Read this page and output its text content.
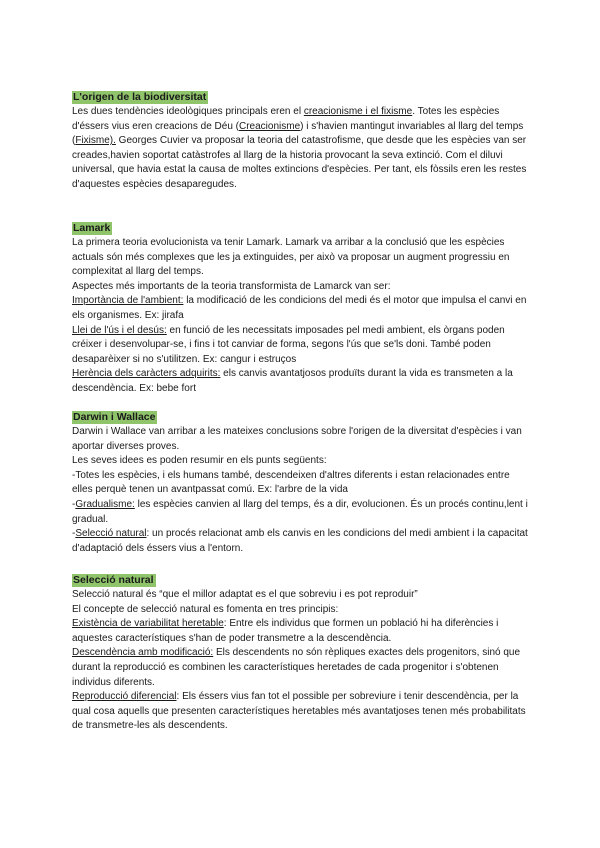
L'origen de la biodiversitat

Les dues tendències ideològiques principals eren el creacionisme i el fixisme. Totes les espècies d'éssers vius eren creacions de Déu (Creacionisme) i s'havien mantingut invariables al llarg del temps (Fixisme). Georges Cuvier va proposar la teoria del catastrofisme, que desde que les espècies van ser creades,havien soportat catàstrofes al llarg de la historia provocant la seva extinció. Com el diluvi universal, que havia estat la causa de moltes extincions d'espècies. Per tant, els fòssils eren les restes d'aquestes espècies desaparegudes.

Lamark

La primera teoria evolucionista va tenir Lamark. Lamark va arribar a la conclusió que les espècies actuals són més complexes que les ja extinguides, per això va proposar un augment progressiu en complexitat al llarg del temps.

Aspectes més importants de la teoria transformista de Lamarck van ser:

Importància de l'ambient: la modificació de les condicions del medi és el motor que impulsa el canvi en els organismes. Ex: jirafa

Llei de l'ús i el desús: en funció de les necessitats imposades pel medi ambient, els òrgans poden créixer i desenvolupar-se, i fins i tot canviar de forma, segons l'ús que se'ls doni. També poden desaparèixer si no s'utilitzen. Ex: cangur i estruços

Herència dels caràcters adquirits: els canvis avantatjosos produïts durant la vida es transmeten a la descendència. Ex: bebe fort

Darwin i Wallace

Darwin i Wallace van arribar a les mateixes conclusions sobre l'origen de la diversitat d'espècies i van aportar diverses proves.

Les seves idees es poden resumir en els punts següents:

-Totes les espècies, i els humans també, descendeixen d'altres diferents i estan relacionades entre elles perquè tenen un avantpassat comú. Ex: l'arbre de la vida

-Gradualisme: les espècies canvien al llarg del temps, és a dir, evolucionen. És un procés continu,lent i gradual.

-Selecció natural: un procés relacionat amb els canvis en les condicions del medi ambient i la capacitat d'adaptació dels éssers vius a l'entorn.

Selecció natural

Selecció natural és “que el millor adaptat es el que sobreviu i es pot reproduir”

El concepte de selecció natural es fomenta en tres principis:

Existència de variabilitat heretable: Entre els individus que formen un població hi ha diferències i aquestes característiques s'han de poder transmetre a la descendència.

Descendència amb modificació: Els descendents no són rèpliques exactes dels progenitors, sinó que durant la reproducció es combinen les característiques heretades de cada progenitor i s'obtenen individus diferents.

Reproducció diferencial: Els éssers vius fan tot el possible per sobreviure i tenir descendència, per la qual cosa aquells que presenten característiques heretables més avantatjoses tenen més probabilitats de transmetre-les als descendents.
